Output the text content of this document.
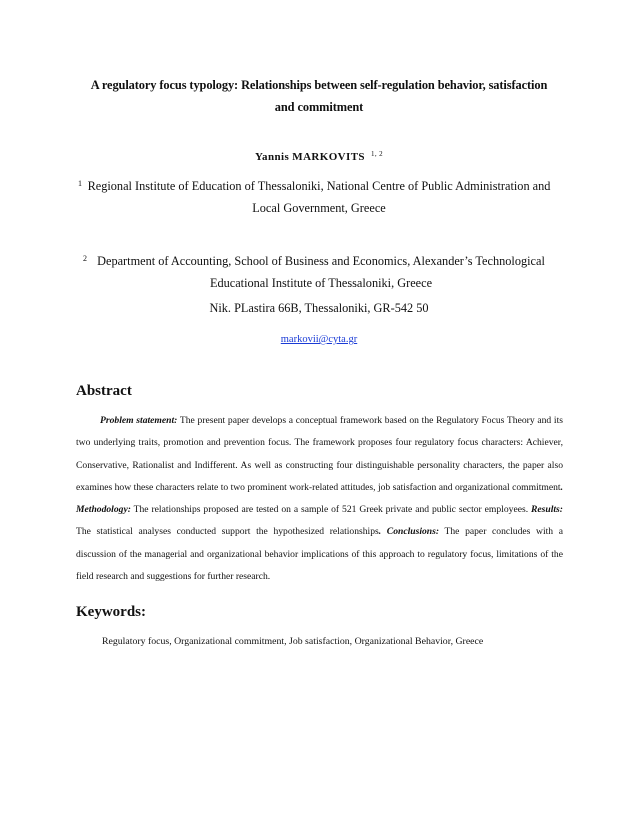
A regulatory focus typology: Relationships between self-regulation behavior, satisfaction
and commitment
Yannis MARKOVITS $^{1, 2}$
1 Regional Institute of Education of Thessaloniki, National Centre of Public Administration and
Local Government, Greece
2 Department of Accounting, School of Business and Economics, Alexander’s Technological
Educational Institute of Thessaloniki, Greece
Nik. PLastira 66B, Thessaloniki, GR-542 50
markovii@cyta.gr
Abstract

Problem statement: The present paper develops a conceptual framework based on the Regulatory Focus Theory and its two underlying traits, promotion and prevention focus. The framework proposes four regulatory focus characters: Achiever, Conservative, Rationalist and Indifferent. As well as constructing four distinguishable personality characters, the paper also examines how these characters relate to two prominent work-related attitudes, job satisfaction and organizational commitment. Methodology: The relationships proposed are tested on a sample of 521 Greek private and public sector employees. Results: The statistical analyses conducted support the hypothesized relationships. Conclusions: The paper concludes with a discussion of the managerial and organizational behavior implications of this approach to regulatory focus, limitations of the field research and suggestions for further research.

Keywords:
Regulatory focus, Organizational commitment, Job satisfaction, Organizational Behavior, Greece
